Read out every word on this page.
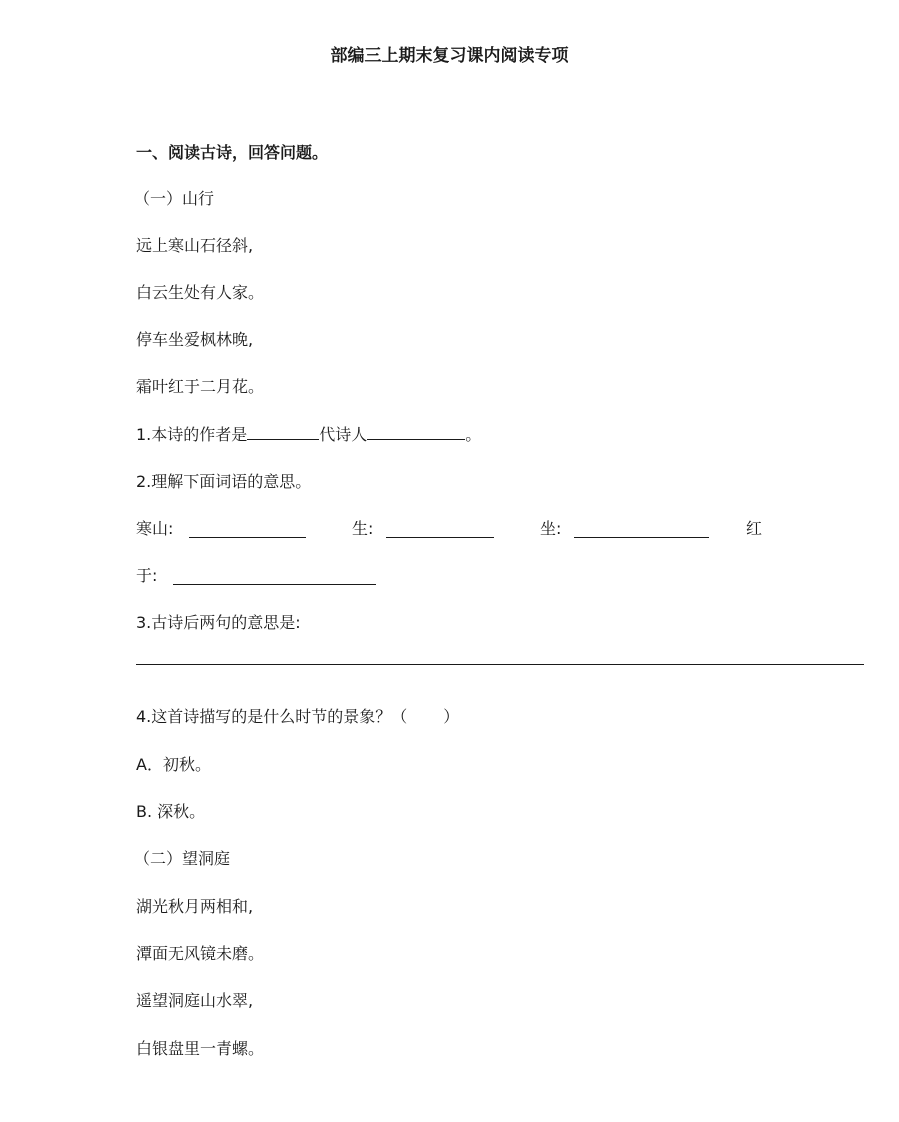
部编三上期末复习课内阅读专项
一、阅读古诗，回答问题。
（一）山行
远上寒山石径斜,
白云生处有人家。
停车坐爱枫林晚,
霜叶红于二月花。
1.本诗的作者是	代诗人	。
2.理解下面词语的意思。
寒山:	生:	坐:	红
于:
3.古诗后两句的意思是:
4.这首诗描写的是什么时节的景象？（ ）
A．初秋。
B. 深秋。
（二）望洞庭
湖光秋月两相和,
潭面无风镜未磨。
遥望洞庭山水翠,
白银盘里一青螺。
